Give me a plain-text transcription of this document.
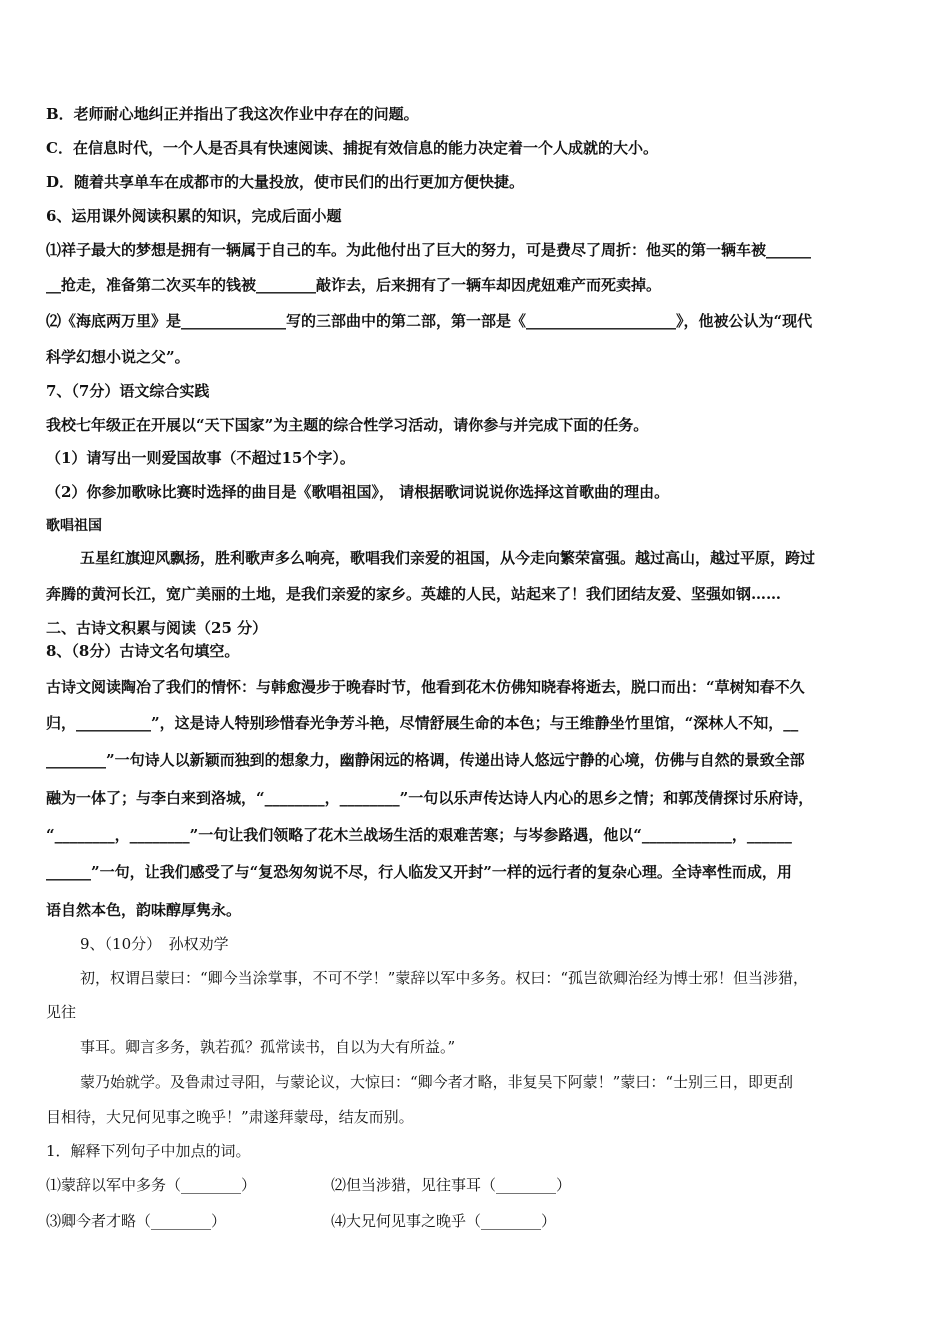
B．老师耐心地纠正并指出了我这次作业中存在的问题。
C．在信息时代，一个人是否具有快速阅读、捕捉有效信息的能力决定着一个人成就的大小。
D．随着共享单车在成都市的大量投放，使市民们的出行更加方便快捷。
6、运用课外阅读积累的知识，完成后面小题
⑴祥子最大的梦想是拥有一辆属于自己的车。为此他付出了巨大的努力，可是费尽了周折：他买的第一辆车被______
__抢走，准备第二次买车的钱被________敲诈去，后来拥有了一辆车却因虎妞难产而死卖掉。
⑵《海底两万里》是______________写的三部曲中的第二部，第一部是《____________________》，他被公认为“现代
科学幻想小说之父”。
7、（7分）语文综合实践
我校七年级正在开展以“天下国家”为主题的综合性学习活动，请你参与并完成下面的任务。
（1）请写出一则爱国故事（不超过15个字）。
（2）你参加歌咏比赛时选择的曲目是《歌唱祖国》， 请根据歌词说说你选择这首歌曲的理由。
歌唱祖国
五星红旗迎风飘扬，胜利歌声多么响亮，歌唱我们亲爱的祖国，从今走向繁荣富强。越过高山，越过平原，跨过
奔腾的黄河长江，宽广美丽的土地，是我们亲爱的家乡。英雄的人民，站起来了！我们团结友爱、坚强如钢……
二、古诗文积累与阅读（25 分）
8、（8分）古诗文名句填空。
古诗文阅读陶冶了我们的情怀：与韩愈漫步于晚春时节，他看到花木仿佛知晓春将逝去，脱口而出：“草树知春不久
归，__________”，这是诗人特别珍惜春光争芳斗艳，尽情舒展生命的本色；与王维静坐竹里馆，“深林人不知，__
________”一句诗人以新颖而独到的想象力，幽静闲远的格调，传递出诗人悠远宁静的心境，仿佛与自然的景致全部
融为一体了；与李白来到洛城，“________，________”一句以乐声传达诗人内心的思乡之情；和郭茂倩探讨乐府诗，
“________，________”一句让我们领略了花木兰战场生活的艰难苦寒；与岑参路遇，他以“____________，______
______”一句，让我们感受了与“复恐匆匆说不尽，行人临发又开封”一样的远行者的复杂心理。全诗率性而成，用
语自然本色，韵味醇厚隽永。
9、（10分）　孙权劝学
初，权谓吕蒙曰：“卿今当涂掌事，不可不学！”蒙辞以军中多务。权曰：“孤岂欲卿治经为博士邪！但当涉猎，
见往
事耳。卿言多务，孰若孤？孤常读书，自以为大有所益。”
蒙乃始就学。及鲁肃过寻阳，与蒙论议，大惊曰：“卿今者才略，非复吴下阿蒙！”蒙曰：“士别三日，即更刮
目相待，大兄何见事之晚乎！”肃遂拜蒙母，结友而别。
1．解释下列句子中加点的词。
⑴蒙辞以军中多务（________）	⑵但当涉猎，见往事耳（________）
⑶卿今者才略（________）	⑷大兄何见事之晚乎（________）
